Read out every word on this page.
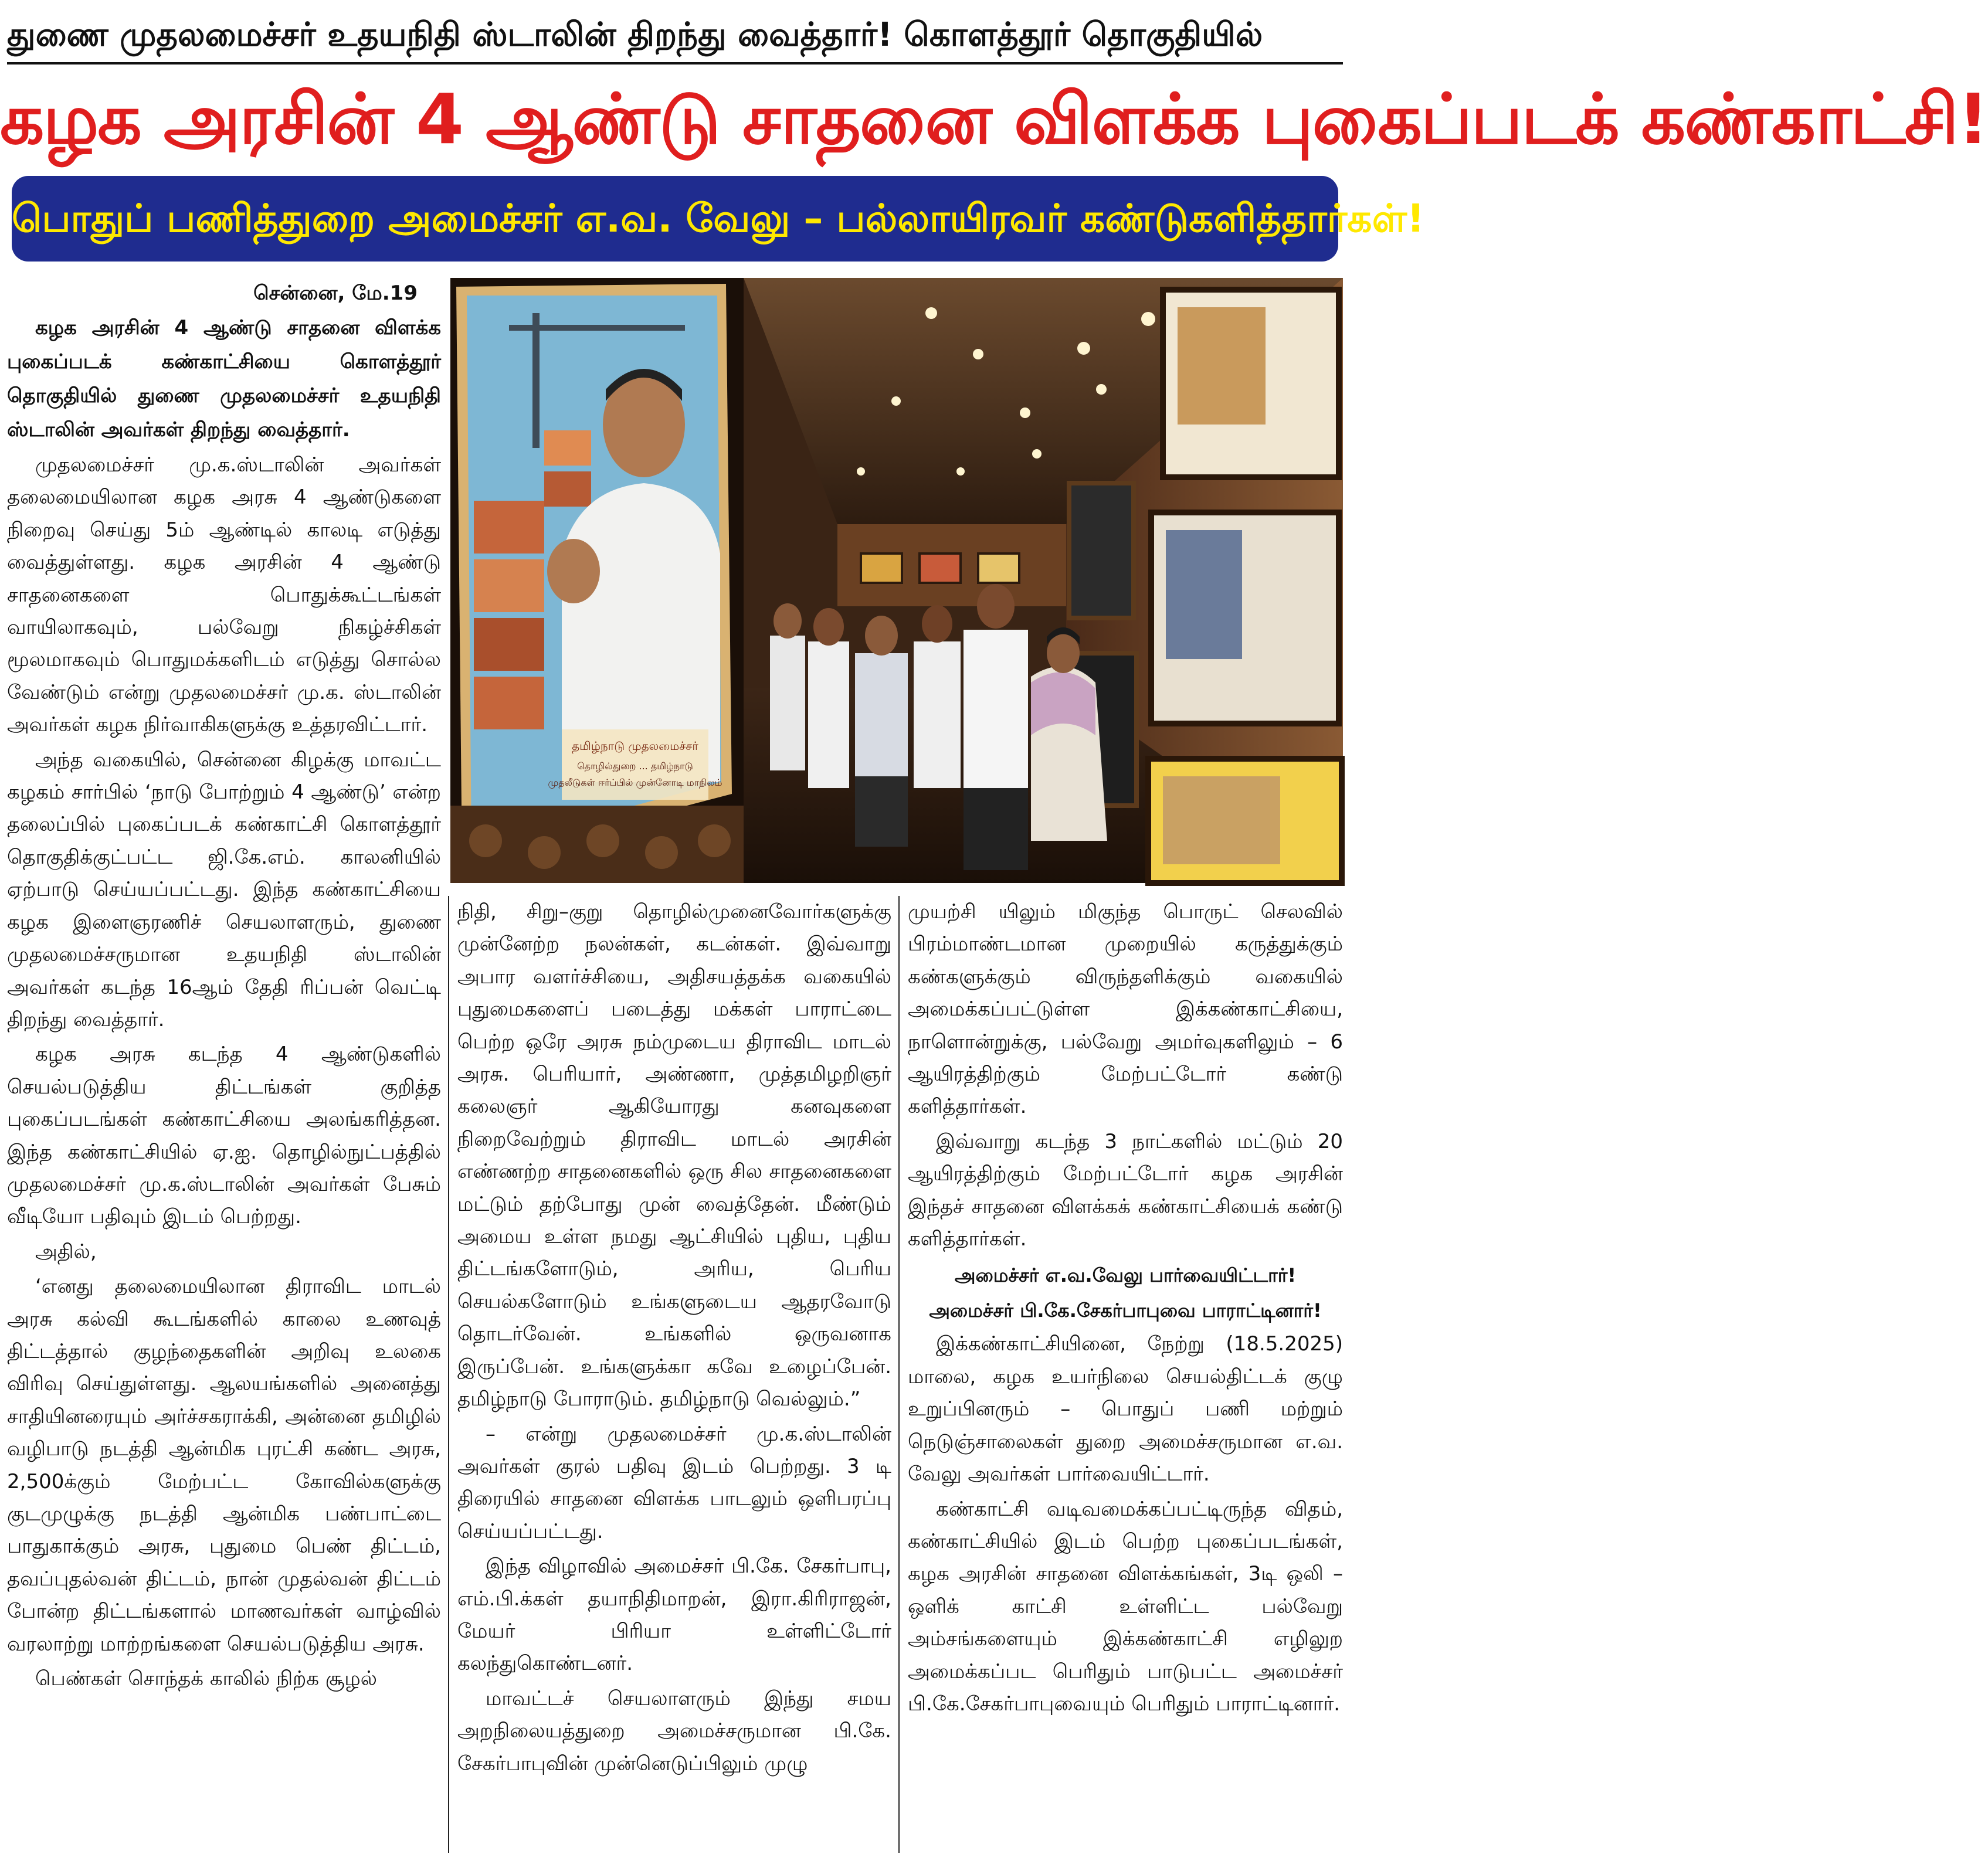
துணை முதலமைச்சர் உதயநிதி ஸ்டாலின் திறந்து வைத்தார்! கொளத்தூர் தொகுதியில்
கழக அரசின் 4 ஆண்டு சாதனை விளக்க புகைப்படக் கண்காட்சி!
பொதுப் பணித்துறை அமைச்சர் எ.வ. வேலு – பல்லாயிரவர் கண்டுகளித்தார்கள்!
சென்னை, மே.19

கழக அரசின் 4 ஆண்டு சாதனை விளக்க புகைப்படக் கண்காட்சியை கொளத்தூர் தொகுதியில் துணை முதலமைச்சர் உதயநிதி ஸ்டாலின் அவர்கள் திறந்து வைத்தார்.

முதலமைச்சர் மு.க.ஸ்டாலின் அவர்கள் தலைமையிலான கழக அரசு 4 ஆண்டுகளை நிறைவு செய்து 5ம் ஆண்டில் காலடி எடுத்து வைத்துள்ளது. கழக அரசின் 4 ஆண்டு சாதனைகளை பொதுக்கூட்டங்கள் வாயிலாகவும், பல்வேறு நிகழ்ச்சிகள் மூலமாகவும் பொதுமக்களிடம் எடுத்து சொல்ல வேண்டும் என்று முதலமைச்சர் மு.க. ஸ்டாலின் அவர்கள் கழக நிர்வாகிகளுக்கு உத்தரவிட்டார்.

அந்த வகையில், சென்னை கிழக்கு மாவட்ட கழகம் சார்பில் ‘நாடு போற்றும் 4 ஆண்டு’ என்ற தலைப்பில் புகைப்படக் கண்காட்சி கொளத்தூர் தொகுதிக்குட்பட்ட ஜி.கே.எம். காலனியில் ஏற்பாடு செய்யப்பட்டது. இந்த கண்காட்சியை கழக இளைஞரணிச் செயலாளரும், துணை முதலமைச்சருமான உதயநிதி ஸ்டாலின் அவர்கள் கடந்த 16ஆம் தேதி ரிப்பன் வெட்டி திறந்து வைத்தார்.

கழக அரசு கடந்த 4 ஆண்டுகளில் செயல்படுத்திய திட்டங்கள் குறித்த புகைப்படங்கள் கண்காட்சியை அலங்கரித்தன. இந்த கண்காட்சியில் ஏ.ஐ. தொழில்நுட்பத்தில் முதலமைச்சர் மு.க.ஸ்டாலின் அவர்கள் பேசும் வீடியோ பதிவும் இடம் பெற்றது.

அதில்,

‘எனது தலைமையிலான திராவிட மாடல் அரசு கல்வி கூடங்களில் காலை உணவுத் திட்டத்தால் குழந்தைகளின் அறிவு உலகை விரிவு செய்துள்ளது. ஆலயங்களில் அனைத்து சாதியினரையும் அர்ச்சகராக்கி, அன்னை தமிழில் வழிபாடு நடத்தி ஆன்மிக புரட்சி கண்ட அரசு, 2,500க்கும் மேற்பட்ட கோவில்களுக்கு குடமுழுக்கு நடத்தி ஆன்மிக பண்பாட்டை பாதுகாக்கும் அரசு, புதுமை பெண் திட்டம், தவப்புதல்வன் திட்டம், நான் முதல்வன் திட்டம் போன்ற திட்டங்களால் மாணவர்கள் வாழ்வில் வரலாற்று மாற்றங்களை செயல்படுத்திய அரசு.

பெண்கள் சொந்தக் காலில் நிற்க சூழல்

தமிழ்நாடு முதலமைச்சர்
தொழில்துறை ... தமிழ்நாடு
முதலீடுகள் ஈர்ப்பில் முன்னோடி மாநிலம்

நிதி, சிறு–குறு தொழில்முனைவோர்களுக்கு முன்னேற்ற நலன்கள், கடன்கள். இவ்வாறு அபார வளர்ச்சியை, அதிசயத்தக்க வகையில் புதுமைகளைப் படைத்து மக்கள் பாராட்டை பெற்ற ஒரே அரசு நம்முடைய திராவிட மாடல் அரசு. பெரியார், அண்ணா, முத்தமிழறிஞர் கலைஞர் ஆகியோரது கனவுகளை நிறைவேற்றும் திராவிட மாடல் அரசின் எண்ணற்ற சாதனைகளில் ஒரு சில சாதனைகளை மட்டும் தற்போது முன் வைத்தேன். மீண்டும் அமைய உள்ள நமது ஆட்சியில் புதிய, புதிய திட்டங்களோடும், அரிய, பெரிய செயல்களோடும் உங்களுடைய ஆதரவோடு தொடர்வேன். உங்களில் ஒருவனாக இருப்பேன். உங்களுக்கா கவே உழைப்பேன். தமிழ்நாடு போராடும். தமிழ்நாடு வெல்லும்.”

– என்று முதலமைச்சர் மு.க.ஸ்டாலின் அவர்கள் குரல் பதிவு இடம் பெற்றது. 3 டி திரையில் சாதனை விளக்க பாடலும் ஒளிபரப்பு செய்யப்பட்டது.

இந்த விழாவில் அமைச்சர் பி.கே. சேகர்பாபு, எம்.பி.க்கள் தயாநிதிமாறன், இரா.கிரிராஜன், மேயர் பிரியா உள்ளிட்டோர் கலந்துகொண்டனர்.

மாவட்டச் செயலாளரும் இந்து சமய அறநிலையத்துறை அமைச்சருமான பி.கே. சேகர்பாபுவின் முன்னெடுப்பிலும் முழு

முயற்சி யிலும் மிகுந்த பொருட் செலவில் பிரம்மாண்டமான முறையில் கருத்துக்கும் கண்களுக்கும் விருந்தளிக்கும் வகையில் அமைக்கப்பட்டுள்ள இக்கண்காட்சியை, நாளொன்றுக்கு, பல்வேறு அமர்வுகளிலும் – 6 ஆயிரத்திற்கும் மேற்பட்டோர் கண்டு களித்தார்கள்.

இவ்வாறு கடந்த 3 நாட்களில் மட்டும் 20 ஆயிரத்திற்கும் மேற்பட்டோர் கழக அரசின் இந்தச் சாதனை விளக்கக் கண்காட்சியைக் கண்டு களித்தார்கள்.

அமைச்சர் எ.வ.வேலு பார்வையிட்டார்!
அமைச்சர் பி.கே.சேகர்பாபுவை பாராட்டினார்!

இக்கண்காட்சியினை, நேற்று (18.5.2025) மாலை, கழக உயர்நிலை செயல்திட்டக் குழு உறுப்பினரும் – பொதுப் பணி மற்றும் நெடுஞ்சாலைகள் துறை அமைச்சருமான எ.வ. வேலு அவர்கள் பார்வையிட்டார்.

கண்காட்சி வடிவமைக்கப்பட்டிருந்த விதம், கண்காட்சியில் இடம் பெற்ற புகைப்படங்கள், கழக அரசின் சாதனை விளக்கங்கள், 3டி ஒலி – ஒளிக் காட்சி உள்ளிட்ட பல்வேறு அம்சங்களையும் இக்கண்காட்சி எழிலுற அமைக்கப்பட பெரிதும் பாடுபட்ட அமைச்சர் பி.கே.சேகர்பாபுவையும் பெரிதும் பாராட்டினார்.
